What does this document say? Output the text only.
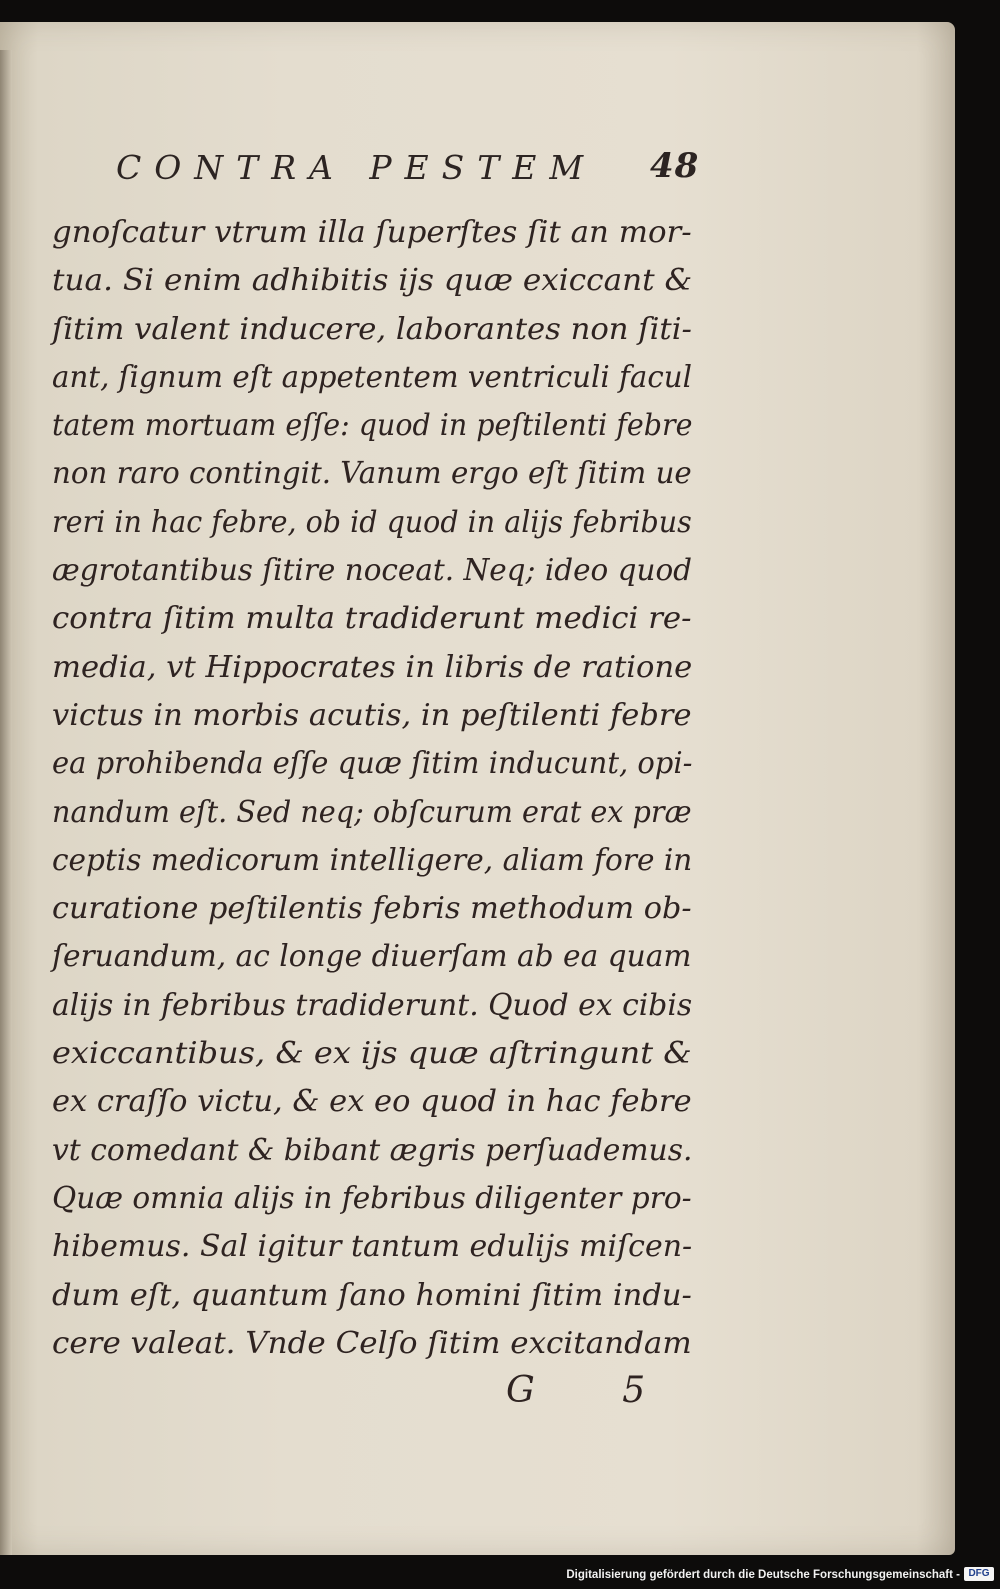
CONTRA PESTEM 48
gnoſcatur vtrum illa ſuperſtes ſit an mor-
tua. Si enim adhibitis ijs quæ exiccant &
ſitim valent inducere, laborantes non ſiti-
ant, ſignum eſt appetentem ventriculi facul
tatem mortuam eſſe: quod in peſtilenti febre
non raro contingit. Vanum ergo eſt ſitim ue
reri in hac febre, ob id quod in alijs febribus
ægrotantibus ſitire noceat. Neq; ideo quod
contra ſitim multa tradiderunt medici re-
media, vt Hippocrates in libris de ratione
victus in morbis acutis, in peſtilenti febre
ea prohibenda eſſe quæ ſitim inducunt, opi-
nandum eſt. Sed neq; obſcurum erat ex præ
ceptis medicorum intelligere, aliam fore in
curatione peſtilentis febris methodum ob-
ſeruandum, ac longe diuerſam ab ea quam
alijs in febribus tradiderunt. Quod ex cibis
exiccantibus, & ex ijs quæ aſtringunt &
ex craſſo victu, & ex eo quod in hac febre
vt comedant & bibant ægris perſuademus.
Quæ omnia alijs in febribus diligenter pro-
hibemus. Sal igitur tantum edulijs miſcen-
dum eſt, quantum ſano homini ſitim indu-
cere valeat. Vnde Celſo ſitim excitandam
G 5
Digitalisierung gefördert durch die Deutsche Forschungsgemeinschaft - DFG
